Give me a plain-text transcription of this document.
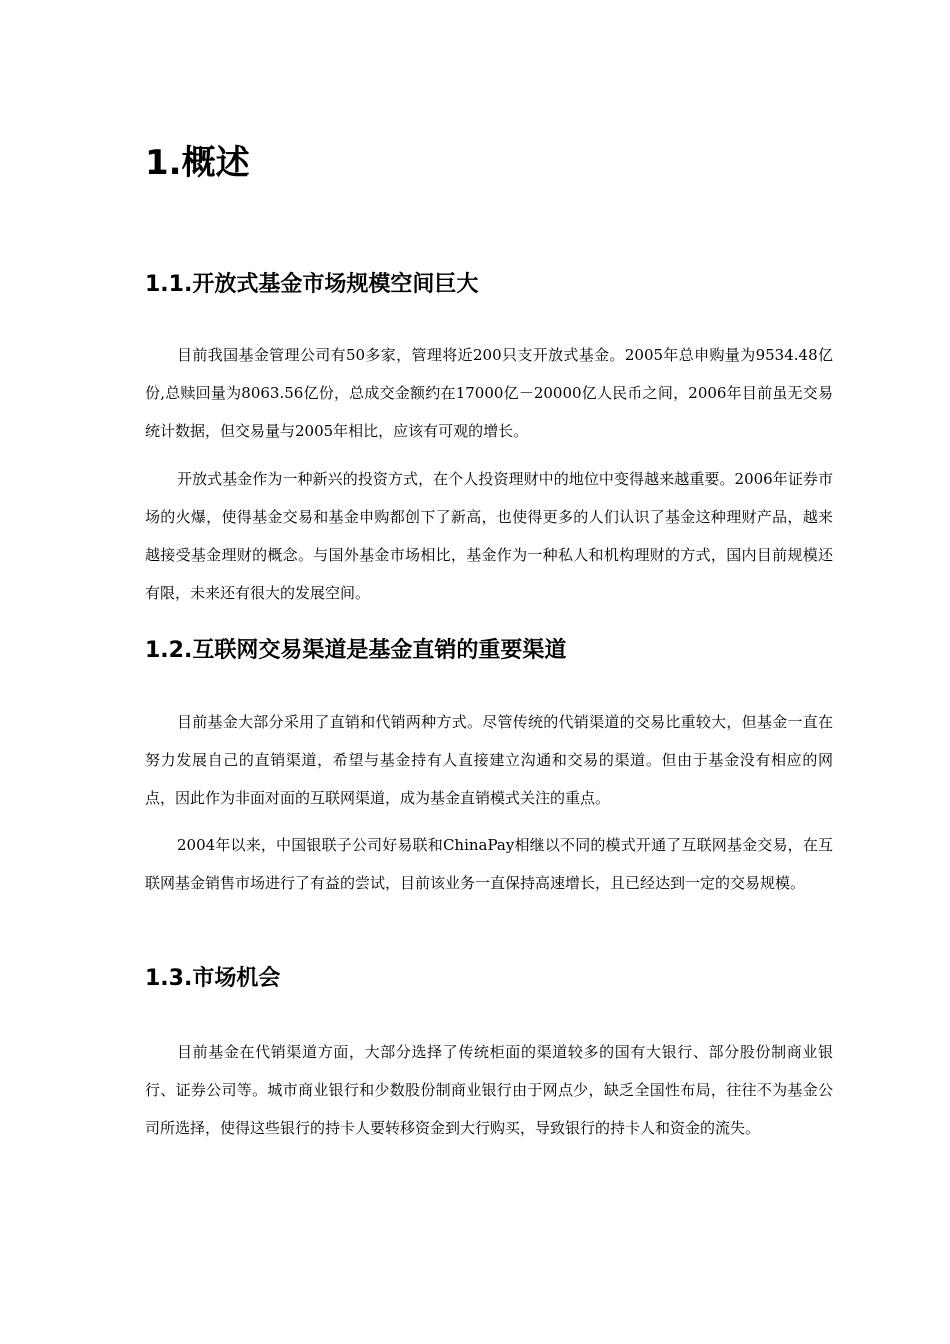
1.概述
1.1.开放式基金市场规模空间巨大

目前我国基金管理公司有50多家，管理将近200只支开放式基金。2005年总申购量为9534.48亿份,总赎回量为8063.56亿份，总成交金额约在17000亿－20000亿人民币之间，2006年目前虽无交易统计数据，但交易量与2005年相比，应该有可观的增长。

开放式基金作为一种新兴的投资方式，在个人投资理财中的地位中变得越来越重要。2006年证券市场的火爆，使得基金交易和基金申购都创下了新高，也使得更多的人们认识了基金这种理财产品，越来越接受基金理财的概念。与国外基金市场相比，基金作为一种私人和机构理财的方式，国内目前规模还有限，未来还有很大的发展空间。

1.2.互联网交易渠道是基金直销的重要渠道

目前基金大部分采用了直销和代销两种方式。尽管传统的代销渠道的交易比重较大，但基金一直在努力发展自己的直销渠道，希望与基金持有人直接建立沟通和交易的渠道。但由于基金没有相应的网点，因此作为非面对面的互联网渠道，成为基金直销模式关注的重点。

2004年以来，中国银联子公司好易联和ChinaPay相继以不同的模式开通了互联网基金交易，在互联网基金销售市场进行了有益的尝试，目前该业务一直保持高速增长，且已经达到一定的交易规模。

1.3.市场机会

目前基金在代销渠道方面，大部分选择了传统柜面的渠道较多的国有大银行、部分股份制商业银行、证券公司等。城市商业银行和少数股份制商业银行由于网点少，缺乏全国性布局，往往不为基金公司所选择，使得这些银行的持卡人要转移资金到大行购买，导致银行的持卡人和资金的流失。
